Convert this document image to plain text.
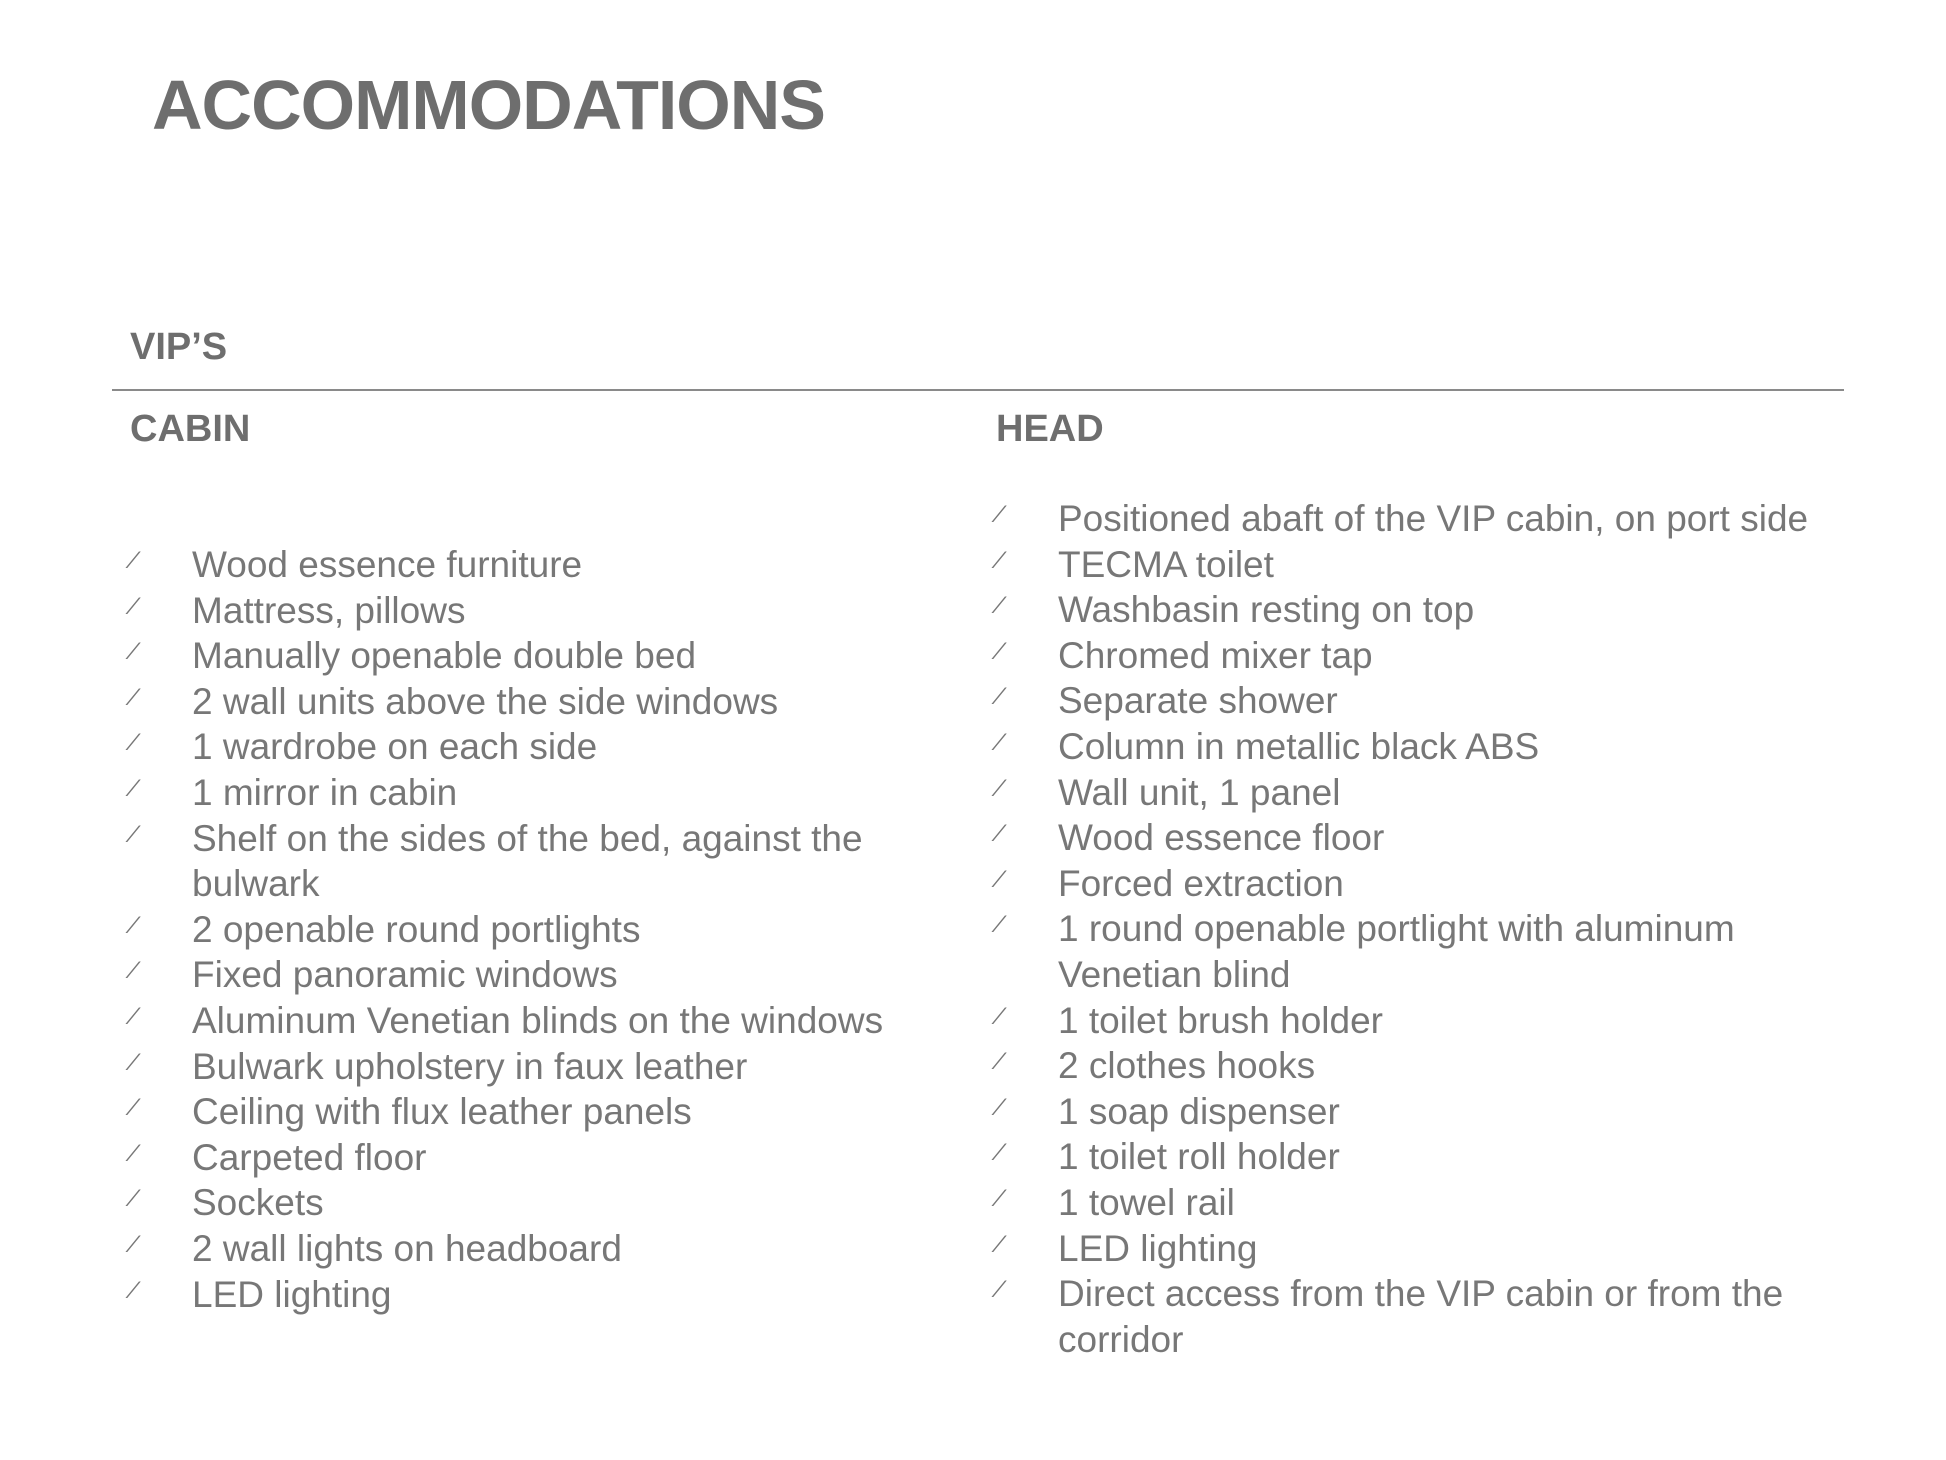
ACCOMMODATIONS
VIP’S
CABIN
⁄ Wood essence furniture
⁄ Mattress, pillows
⁄ Manually openable double bed
⁄ 2 wall units above the side windows
⁄ 1 wardrobe on each side
⁄ 1 mirror in cabin
⁄ Shelf on the sides of the bed, against the bulwark
⁄ 2 openable round portlights
⁄ Fixed panoramic windows
⁄ Aluminum Venetian blinds on the windows
⁄ Bulwark upholstery in faux leather
⁄ Ceiling with flux leather panels
⁄ Carpeted floor
⁄ Sockets
⁄ 2 wall lights on headboard
⁄ LED lighting
HEAD
⁄ Positioned abaft of the VIP cabin, on port side
⁄ TECMA toilet
⁄ Washbasin resting on top
⁄ Chromed mixer tap
⁄ Separate shower
⁄ Column in metallic black ABS
⁄ Wall unit, 1 panel
⁄ Wood essence floor
⁄ Forced extraction
⁄ 1 round openable portlight with aluminum Venetian blind
⁄ 1 toilet brush holder
⁄ 2 clothes hooks
⁄ 1 soap dispenser
⁄ 1 toilet roll holder
⁄ 1 towel rail
⁄ LED lighting
⁄ Direct access from the VIP cabin or from the corridor
